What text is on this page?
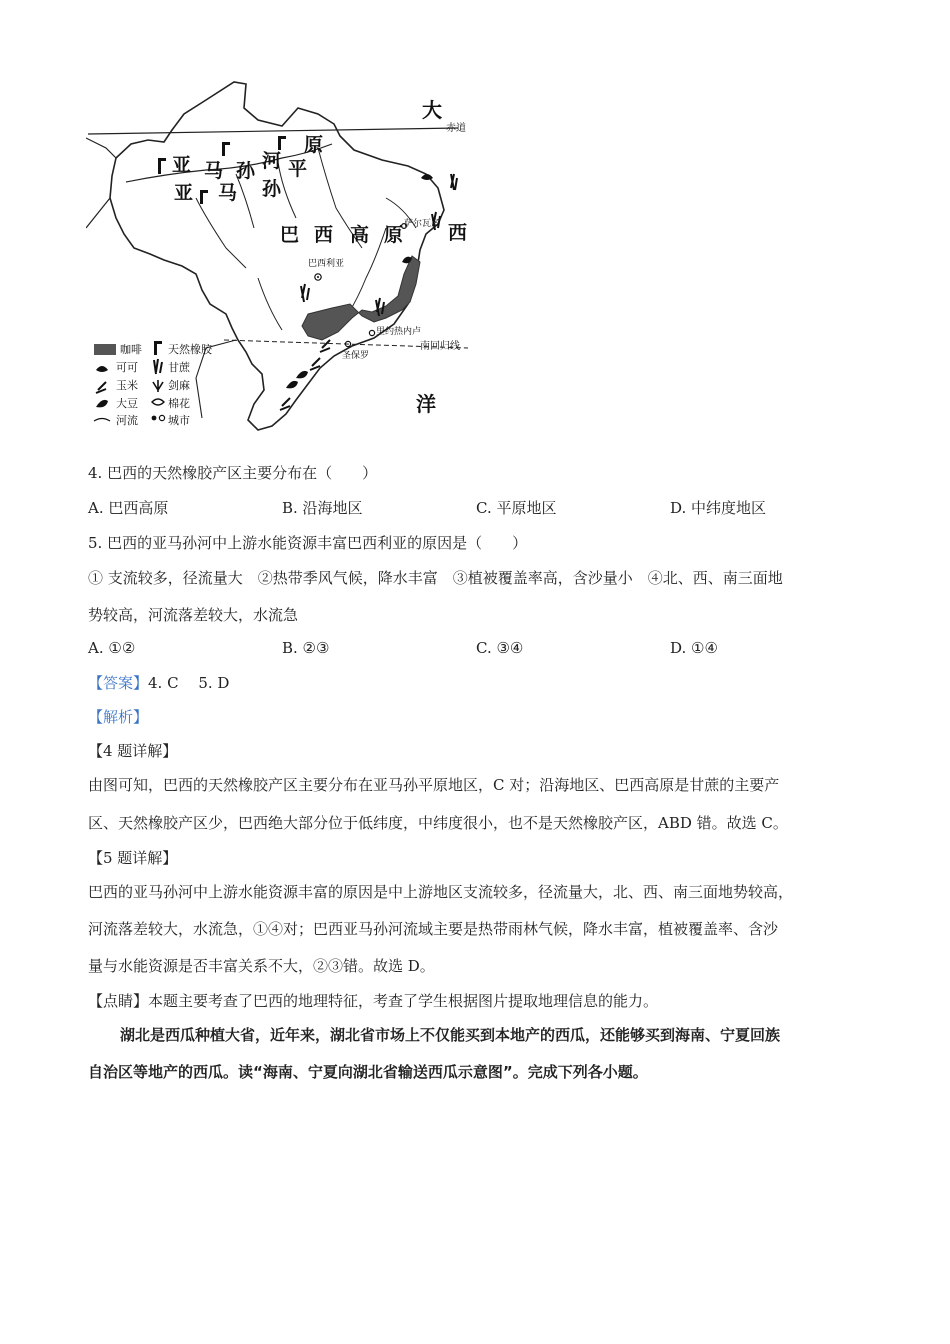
大
洋
赤道
南回归线
亚 马 孙 河 平
原
亚 马 孙
巴 西 高 原 西
萨尔瓦多
巴西利亚
里约热内卢
圣保罗
咖啡 天然橡胶
可可	甘蔗
玉米	剑麻
大豆	棉花
河流	城市
4. 巴西的天然橡胶产区主要分布在（　　）
A. 巴西高原	B. 沿海地区	C. 平原地区	D. 中纬度地区
5. 巴西的亚马孙河中上游水能资源丰富巴西利亚的原因是（　　）
① 支流较多，径流量大　②热带季风气候，降水丰富　③植被覆盖率高，含沙量小　④北、西、南三面地
势较高，河流落差较大，水流急
A. ①②	B. ②③	C. ③④	D. ①④
【答案】4. C　 5. D
【解析】
【4 题详解】
由图可知，巴西的天然橡胶产区主要分布在亚马孙平原地区，C 对；沿海地区、巴西高原是甘蔗的主要产
区、天然橡胶产区少，巴西绝大部分位于低纬度，中纬度很小，也不是天然橡胶产区，ABD 错。故选 C。
【5 题详解】
巴西的亚马孙河中上游水能资源丰富的原因是中上游地区支流较多，径流量大，北、西、南三面地势较高，
河流落差较大，水流急，①④对；巴西亚马孙河流域主要是热带雨林气候，降水丰富，植被覆盖率、含沙
量与水能资源是否丰富关系不大，②③错。故选 D。
【点睛】本题主要考查了巴西的地理特征，考查了学生根据图片提取地理信息的能力。
湖北是西瓜种植大省，近年来，湖北省市场上不仅能买到本地产的西瓜，还能够买到海南、宁夏回族
自治区等地产的西瓜。读“海南、宁夏向湖北省输送西瓜示意图”。完成下列各小题。
